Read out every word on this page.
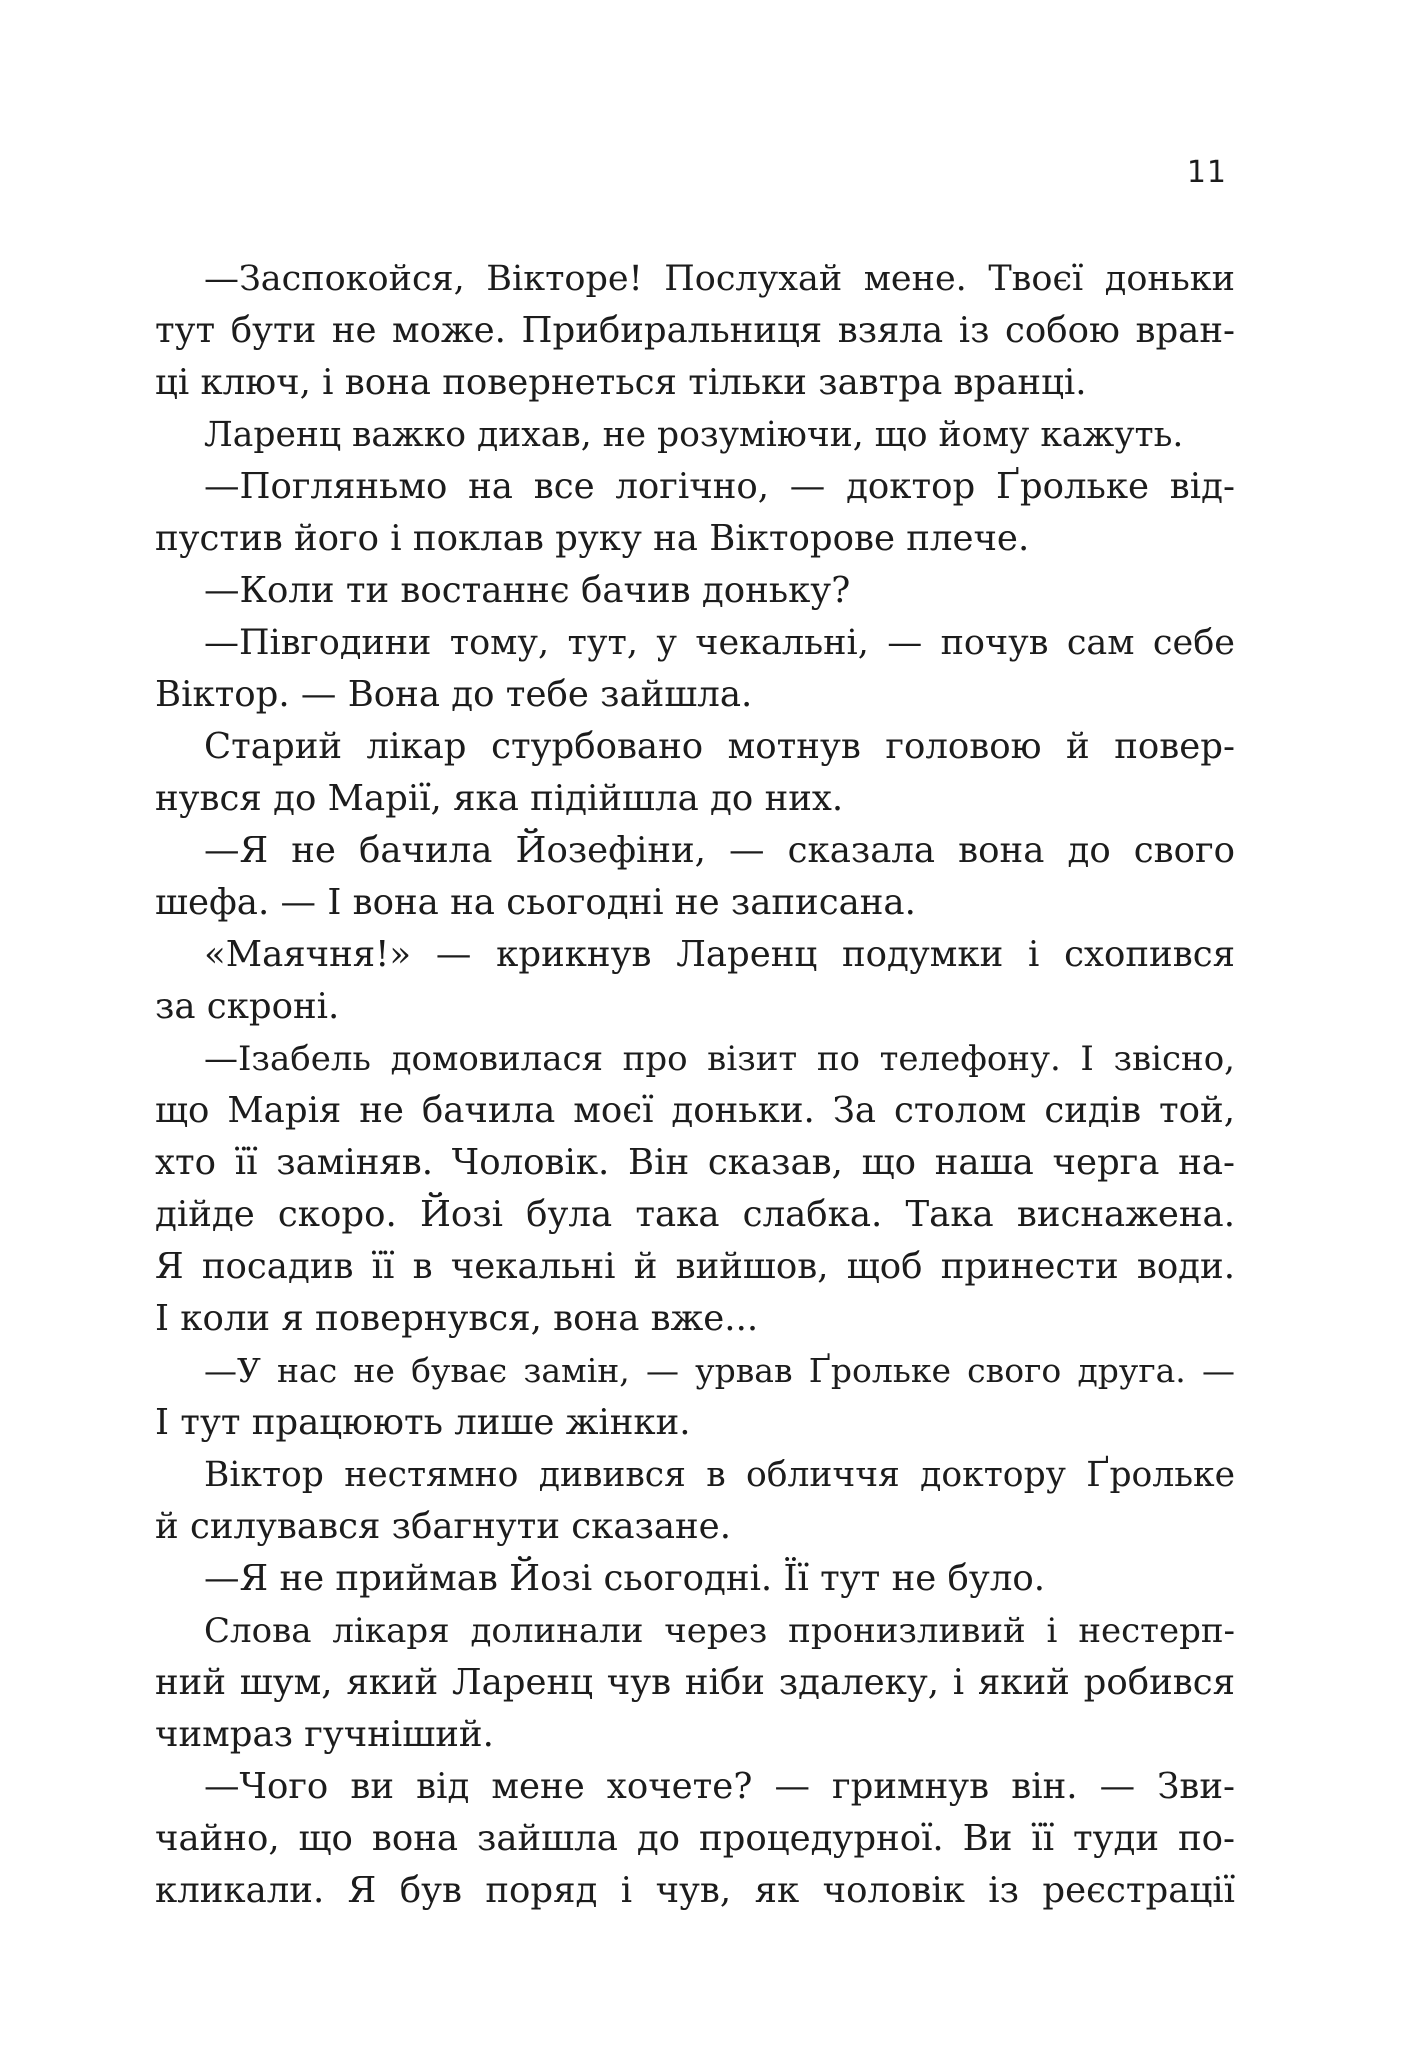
11
—Заспокойся, Вікторе! Послухай мене. Твоєї доньки
тут бути не може. Прибиральниця взяла із собою вран-
ці ключ, і вона повернеться тільки завтра вранці.
Ларенц важко дихав, не розуміючи, що йому кажуть.
—Погляньмо на все логічно, — доктор Ґрольке від-
пустив його і поклав руку на Вікторове плече.
—Коли ти востаннє бачив доньку?
—Півгодини тому, тут, у чекальні, — почув сам себе
Віктор. — Вона до тебе зайшла.
Старий лікар стурбовано мотнув головою й повер-
нувся до Марії, яка підійшла до них.
—Я не бачила Йозефіни, — сказала вона до свого
шефа. — І вона на сьогодні не записана.
«Маячня!» — крикнув Ларенц подумки і схопився
за скроні.
—Ізабель домовилася про візит по телефону. І звісно,
що Марія не бачила моєї доньки. За столом сидів той,
хто її заміняв. Чоловік. Він сказав, що наша черга на-
дійде скоро. Йозі була така слабка. Така виснажена.
Я посадив її в чекальні й вийшов, щоб принести води.
І коли я повернувся, вона вже...
—У нас не буває замін, — урвав Ґрольке свого друга. —
І тут працюють лише жінки.
Віктор нестямно дивився в обличчя доктору Ґрольке
й силувався збагнути сказане.
—Я не приймав Йозі сьогодні. Її тут не було.
Слова лікаря долинали через пронизливий і нестерп-
ний шум, який Ларенц чув ніби здалеку, і який робився
чимраз гучніший.
—Чого ви від мене хочете? — гримнув він. — Зви-
чайно, що вона зайшла до процедурної. Ви її туди по-
кликали. Я був поряд і чув, як чоловік із реєстрації
